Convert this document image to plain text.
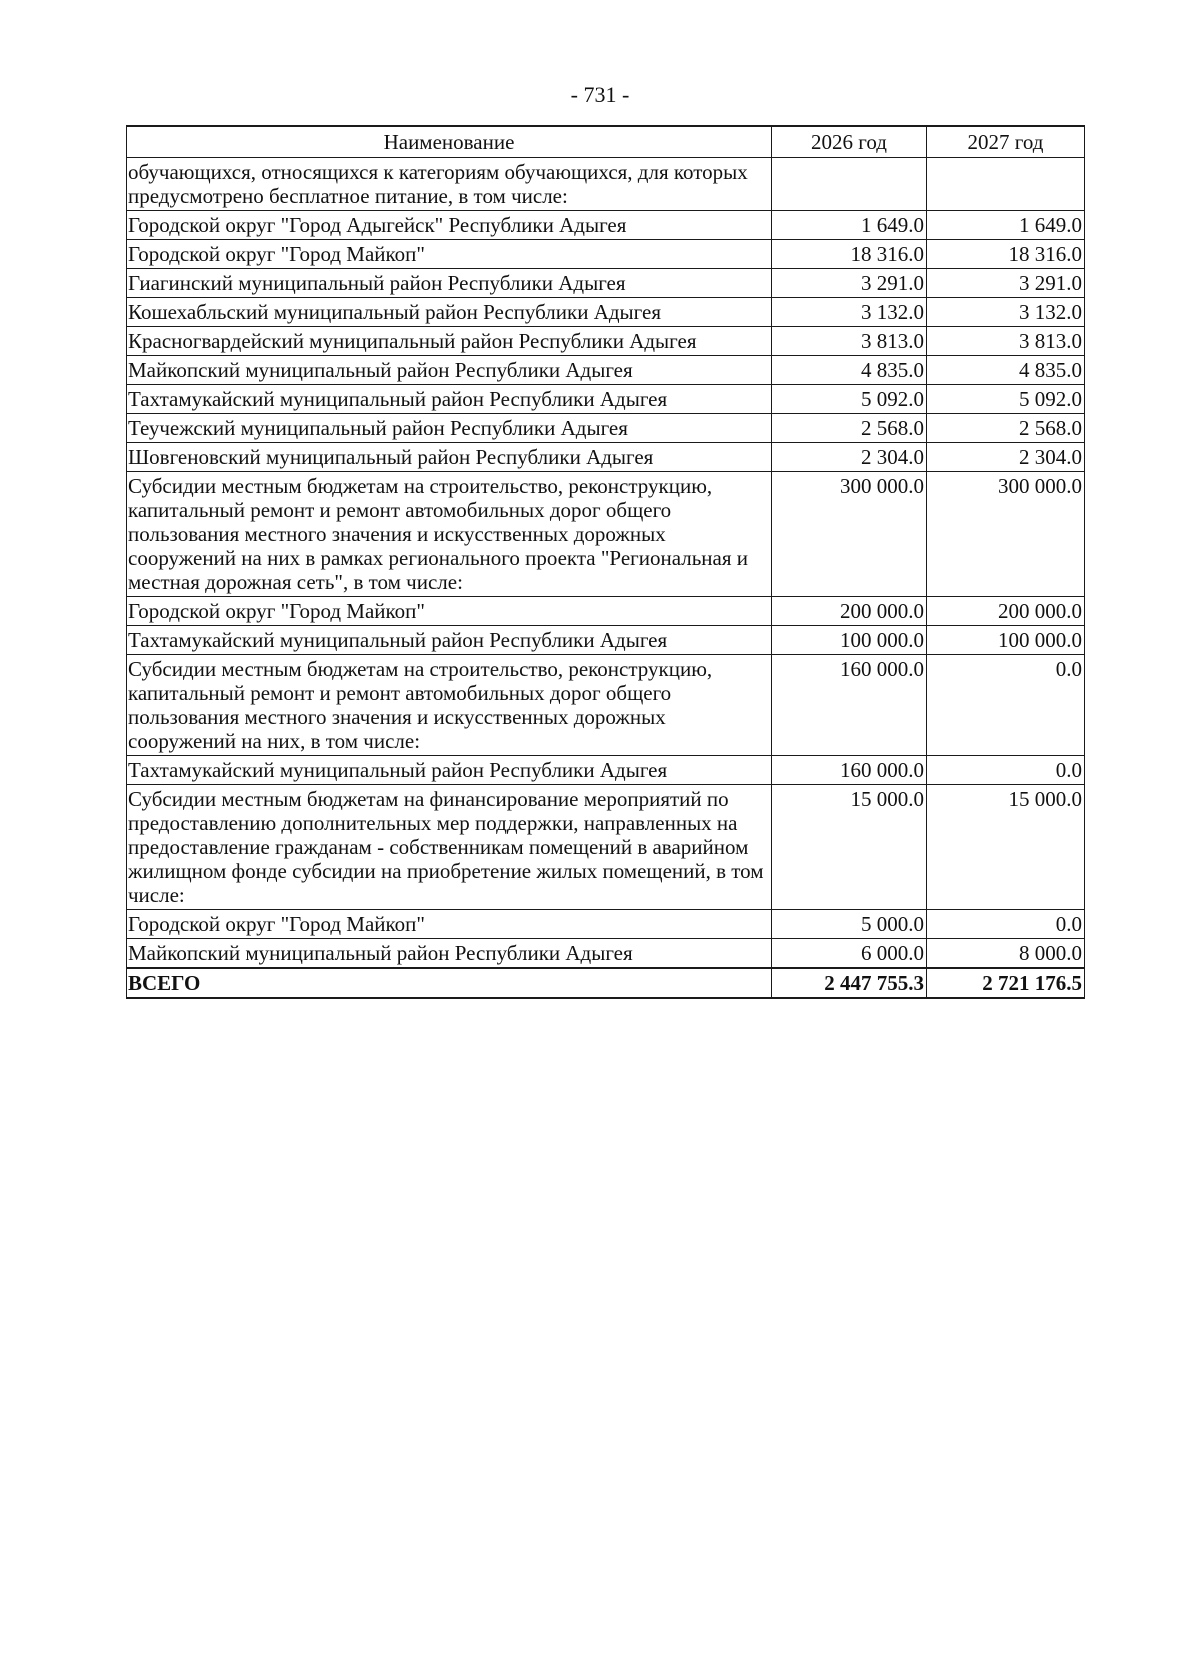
- 731 -
Наименование	2026 год	2027 год
обучающихся, относящихся к категориям обучающихся, для которых предусмотрено бесплатное питание, в том числе:		
Городской округ "Город Адыгейск" Республики Адыгея	1 649.0	1 649.0
Городской округ "Город Майкоп"	18 316.0	18 316.0
Гиагинский муниципальный район Республики Адыгея	3 291.0	3 291.0
Кошехабльский муниципальный район Республики Адыгея	3 132.0	3 132.0
Красногвардейский муниципальный район Республики Адыгея	3 813.0	3 813.0
Майкопский муниципальный район Республики Адыгея	4 835.0	4 835.0
Тахтамукайский муниципальный район Республики Адыгея	5 092.0	5 092.0
Теучежский муниципальный район Республики Адыгея	2 568.0	2 568.0
Шовгеновский муниципальный район Республики Адыгея	2 304.0	2 304.0
Субсидии местным бюджетам на строительство, реконструкцию, капитальный ремонт и ремонт автомобильных дорог общего пользования местного значения и искусственных дорожных сооружений на них в рамках регионального проекта "Региональная и местная дорожная сеть", в том числе:	300 000.0	300 000.0
Городской округ "Город Майкоп"	200 000.0	200 000.0
Тахтамукайский муниципальный район Республики Адыгея	100 000.0	100 000.0
Субсидии местным бюджетам на строительство, реконструкцию, капитальный ремонт и ремонт автомобильных дорог общего пользования местного значения и искусственных дорожных сооружений на них, в том числе:	160 000.0	0.0
Тахтамукайский муниципальный район Республики Адыгея	160 000.0	0.0
Субсидии местным бюджетам на финансирование мероприятий по предоставлению дополнительных мер поддержки, направленных на предоставление гражданам - собственникам помещений в аварийном жилищном фонде субсидии на приобретение жилых помещений, в том числе:	15 000.0	15 000.0
Городской округ "Город Майкоп"	5 000.0	0.0
Майкопский муниципальный район Республики Адыгея	6 000.0	8 000.0
ВСЕГО	2 447 755.3	2 721 176.5
